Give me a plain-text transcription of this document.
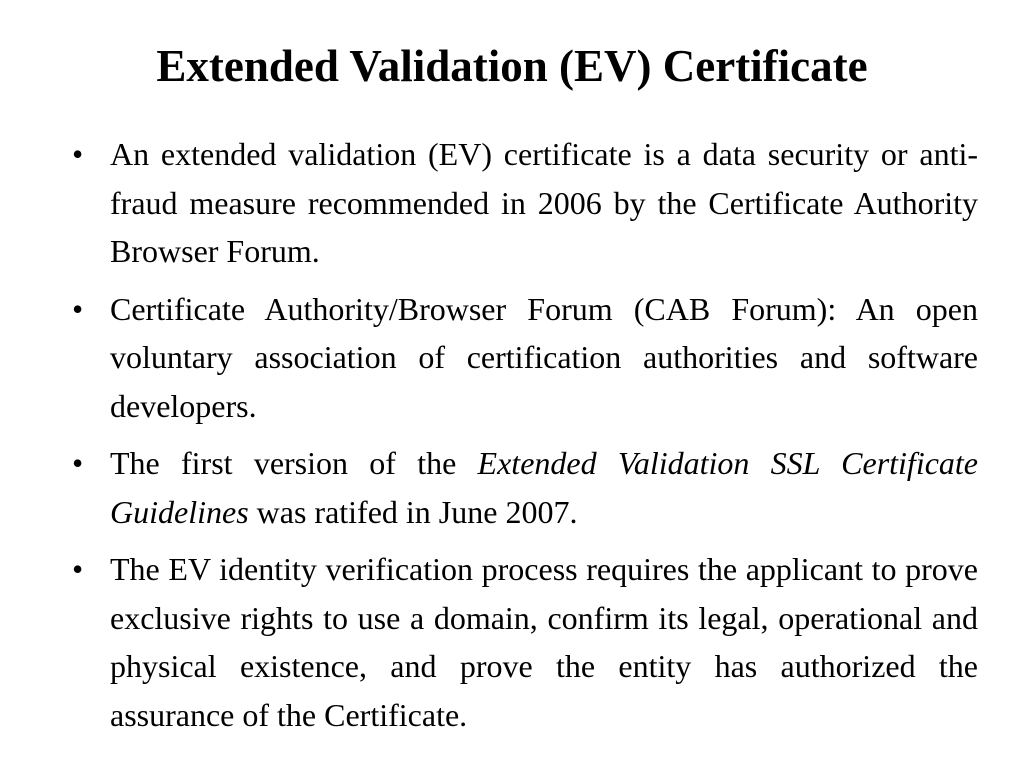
Extended Validation (EV) Certificate
• An extended validation (EV) certificate is a data security or anti-fraud measure recommended in 2006 by the Certificate Authority Browser Forum.

• Certificate Authority/Browser Forum (CAB Forum): An open voluntary association of certification authorities and software developers.

• The first version of the Extended Validation SSL Certificate Guidelines was ratifed in June 2007.

• The EV identity verification process requires the applicant to prove exclusive rights to use a domain, confirm its legal, operational and physical existence, and prove the entity has authorized the assurance of the Certificate.
